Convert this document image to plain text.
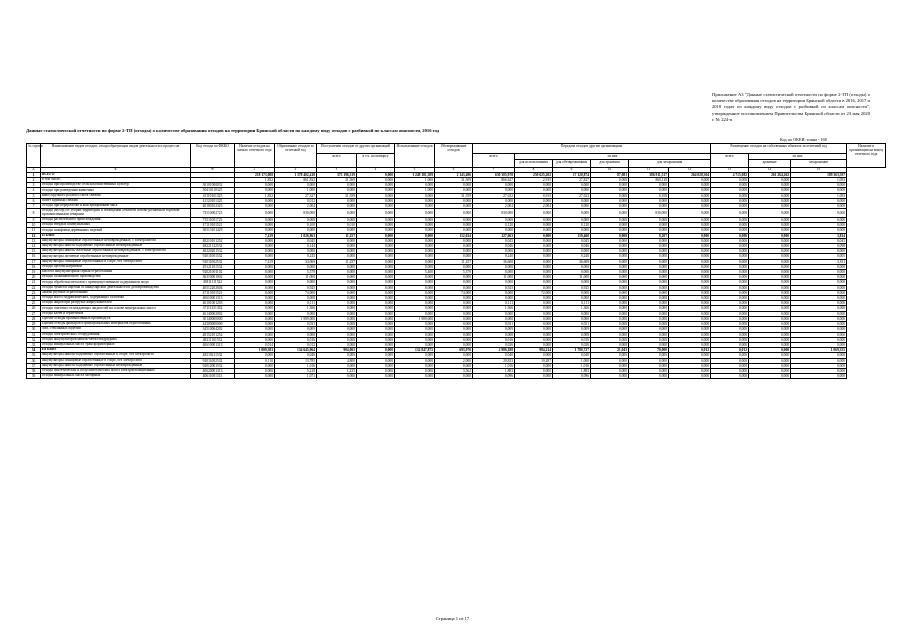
Приложение А3 "Данные статистической отчетности по форме 2-ТП (отходы) о количестве образования отходов на территории Брянской области в 2016, 2017 и 2018 годах по каждому виду отходов с разбивкой по классам опасности", утвержденное постановлением Правительства Брянской области от 23 мая 2020 г. № 224-п
Данные статистической отчетности по форме 2-ТП (отходы) о количестве образования отходов на территории Брянской области по каждому виду отходов с разбивкой по классам опасности, 2016 год
Код по ОКЕИ: тонна - 168
№ строки	Наименование видов отходов, отходообразующих видов деятельности и процессов	Код отхода по ФККО	Наличие отходов на начало отчетного года	Образование отходов за отчетный год	Поступление отходов от других организаций		Использование отходов	Обезвреживание отходов	Передача отходов другим организациям						Размещение отходов на собственных объектах за отчетный год			Наличие в организации на конец отчетного года
					всего	в т.ч. по импорту			всего	из них					всего	из них		
										для использования	для обезвреживания	для хранения	для захоронения			хранение	захоронение	
А	Б	В	1	2	3	4	5	6	7	8	9	10	11	12	13	14	15	
1	ВСЕГО		218 173,008	1 378 402,418	375 196,319	0,000	1 249 181,309	2 143,496	630 305,978	250 625,202	17 120,874	87,081	386 911,517	264 028,304	4 715,082	261 264,262	189 363,597	
2	в том числе:		1,852	861,832	31,569	0,000	1,000	31,509	866,627	2,915	27,827	0,000	860,118	0,000	0,000	0,000	1,093	
3	отходы при производстве сельскохозяйственных культур	30101000032	0,000	0,000	0,000	0,000	0,000	0,000	0,000	0,000	0,000	0,000	0,000	0,000	0,000	0,000	0,000	
4	отходы при разведении животных	30410110325	0,000	1,000	0,000	0,000	1,000	0,000	0,000	0,000	0,000	0,000	0,000	0,000	0,000	0,000	0,000	
5	навоз крупного рогатого скота свежий	41110101325	1,852	27,327	31,559	0,000	0,000	31,559	27,632	0,915	27,632	0,000	0,108	0,000	0,000	0,000	1,093	
6	помет куриный свежий	41120101325	0,000	0,012	0,000	0,000	0,000	0,000	0,000	0,000	0,000	0,000	0,000	0,000	0,000	0,000	0,000	
7	отходы при переработке и консервировании мяса	40180102325	0,000	2,004	0,000	0,000	0,000	0,000	2,004	2,004	0,000	0,000	0,000	0,000	0,000	0,000	0,000	
8	отходы (мусор) от уборки территории и помещений объектов оптово-розничной торговли промышленными товарами	73510002725	0,000	830,000	0,000	0,000	0,000	0,000	830,000	0,000	0,000	0,000	830,000	0,000	0,000	0,000	0,000	
9	отходы растительного происхождения	73511001725	0,000	0,000	0,000	0,000	0,000	0,000	0,000	0,000	0,000	0,000	0,000	0,000	0,000	0,000	0,000	
10	отходы твердых коммунальных	47110101521	0,000	0,100	0,010	0,000	0,000	0,000	0,120	0,000	0,120	0,000	0,000	0,000	0,000	0,000	0,000	
11	отходы шлифовки деревянных изделий	30513101429	0,000	0,000	0,000	0,000	0,000	0,000	0,000	0,000	0,000	0,000	0,000	0,000	0,000	0,000	0,000	
12	II класс		7,419	1 026,863	11,257	0,000	0,000	112,634	127,663	0,000	119,460	0,000	8,207	0,000	0,000	0,000	3,834	
13	аккумуляторы свинцовые отработанные неповрежденные, с электролитом	48210101252	0,000	0,045	0,000	0,000	0,000	0,000	0,045	0,000	0,045	0,000	0,000	0,000	0,000	0,000	0,045	
14	аккумуляторы никель-кадмиевые отработанные неповрежденные	48221122532	0,000	0,144	0,000	0,000	0,000	0,000	0,046	0,000	0,046	0,000	0,000	0,000	0,000	0,000	0,098	
15	аккумуляторы никель-железные отработанные неповрежденные, с электролитом	48220201532	0,000	0,000	0,000	0,000	0,000	0,000	0,000	0,000	0,000	0,000	0,000	0,000	0,000	0,000	0,000	
16	аккумуляторы литиевые отработанные неповрежденные	92011001532	0,000	0,245	0,000	0,000	0,000	0,000	0,240	0,000	0,240	0,000	0,000	0,000	0,000	0,000	0,005	
17	аккумуляторы свинцовые отработанные в сборе, без электролита	92011002532	7,419	34,069	11,257	0,000	0,000	11,257	36,608	0,000	36,608	0,000	0,000	0,000	0,000	0,000	3,811	
18	отходы щелочи натриевой	49121101532	0,000	0,000	0,000	0,000	0,000	0,000	0,000	0,000	0,000	0,000	0,000	0,000	0,000	0,000	0,000	
19	кислота аккумуляторная серная отработанная	92021001102	0,000	5,579	0,000	0,000	5,400	5,379	0,000	0,000	0,000	0,000	0,000	0,000	0,000	0,000	0,000	
20	отходы гальванического производства	36310001002	0,000	11,000	0,000	0,000	0,000	0,000	11,000	0,000	11,000	0,000	0,000	0,000	0,000	0,000	0,000	
21	отходы обработки металлов с преимущественным содержанием меди	43811111522	0,000	0,000	0,000	0,000	0,000	0,000	0,000	0,000	0,000	0,000	0,000	0,000	0,000	0,000	0,000	
22	отходы бумаги и картона от канцелярской деятельности и делопроизводства	40512202604	0,000	0,925	0,000	0,000	0,000	0,000	0,925	0,000	0,925	0,000	0,000	0,000	0,000	0,000	0,000	
23	лампы ртутные отработанные	47110101521	0,000	74,000	0,000	0,000	0,000	74,000	0,000	72,000	0,000	0,000	0,000	0,000	0,000	0,000	0,000	
24	отходы масел гидравлических, содержащих галогены	40610001313	0,000	0,008	0,000	0,000	0,000	0,000	0,000	0,000	0,000	0,000	0,008	0,000	0,000	0,000	0,000	
25	отходы жиров при разгрузке жироуловителей	46101001203	0,000	0,111	0,000	0,000	0,000	0,000	0,111	0,000	0,111	0,000	0,000	0,000	0,000	0,000	0,000	
26	отходы смазочно-охлаждающих жидкостей на основе минеральных масел	37111251392	0,000	1,366	0,000	0,000	0,000	0,000	1,366	0,000	1,366	0,000	0,000	0,000	0,000	0,000	0,000	
27	отходы клеев и герметиков	46140002002	0,000	0,000	0,000	0,000	0,000	0,000	0,000	0,000	0,000	0,000	0,000	0,000	0,000	0,000	0,000	
28	Прочие отходы промышленных производств	30140000000	0,000	1 989,000	0,000	0,000	1 989,000	0,000	0,000	0,000	0,000	0,000	0,000	0,000	0,000	0,000	0,000	
29	Прочие отходы фильтров и фильтровальных материалов отработанных	44300000000	0,000	0,031	0,000	0,000	0,000	0,000	0,031	0,000	0,031	0,000	0,000	0,000	0,000	0,000	0,000	
30	лом, стеклянных изделий	34510004202	0,000	0,009	0,000	0,000	0,000	0,000	0,009	0,000	0,009	0,000	0,000	0,000	0,000	0,000	0,000	
31	отходы электрического оборудования	48152101252	0,000	0,008	0,000	0,000	0,000	0,000	0,008	0,000	0,008	0,000	0,000	0,000	0,000	0,000	0,000	
32	отходы аккумуляторов никель-металлгидридных	48211101532	0,000	0,016	0,000	0,000	0,000	0,000	0,016	0,000	0,016	0,000	0,000	0,000	0,000	0,000	0,000	
33	отходы минеральных масел трансформаторных	40610001313	0,014	0,012	0,000	0,000	0,000	0,000	0,026	0,000	0,026	0,000	0,000	0,000	0,000	0,000	0,000	
34	III класс		1 009,383	134 645,064	904,065	0,000	132 847,875	693,976	2 986,188	984,214	1 780,727	21,043	70,000	0,012	0,012	0,000	1 069,355	
35	аккумуляторы никель-кадмиевые отработанные в сборе, без электролита	48210211532	0,000	0,040	0,000	0,000	0,000	0,000	0,040	0,000	0,040	0,000	0,000	0,000	0,000	0,000	0,000	
36	аккумуляторы свинцовые отработанные в сборе, без электролита	92011002532	0,110	13,785	4,800	0,000	0,000	2,000	20,823	19,287	1,000	0,000	0,000	0,000	0,000	0,000	0,000	
37	аккумуляторы никель-кадмиевые отработанные неповрежденные	92012001532	0,000	1,016	0,000	0,000	0,000	0,000	1,016	0,000	1,016	0,000	0,000	0,000	0,000	0,000	0,000	
38	отходы синтетических и полусинтетических масел электроизоляционных	40620001313	0,000	5,218	1,235	0,000	0,000	3,562	1,883	0,000	1,883	0,000	0,000	0,000	0,000	0,000	0,000	
39	отходы минеральных масел моторных	40611001313	0,000	1,071	0,000	0,000	0,000	0,000	0,096	0,000	0,096	0,000	0,000	0,000	0,000	0,000	0,000	
Страница 1 из 17
